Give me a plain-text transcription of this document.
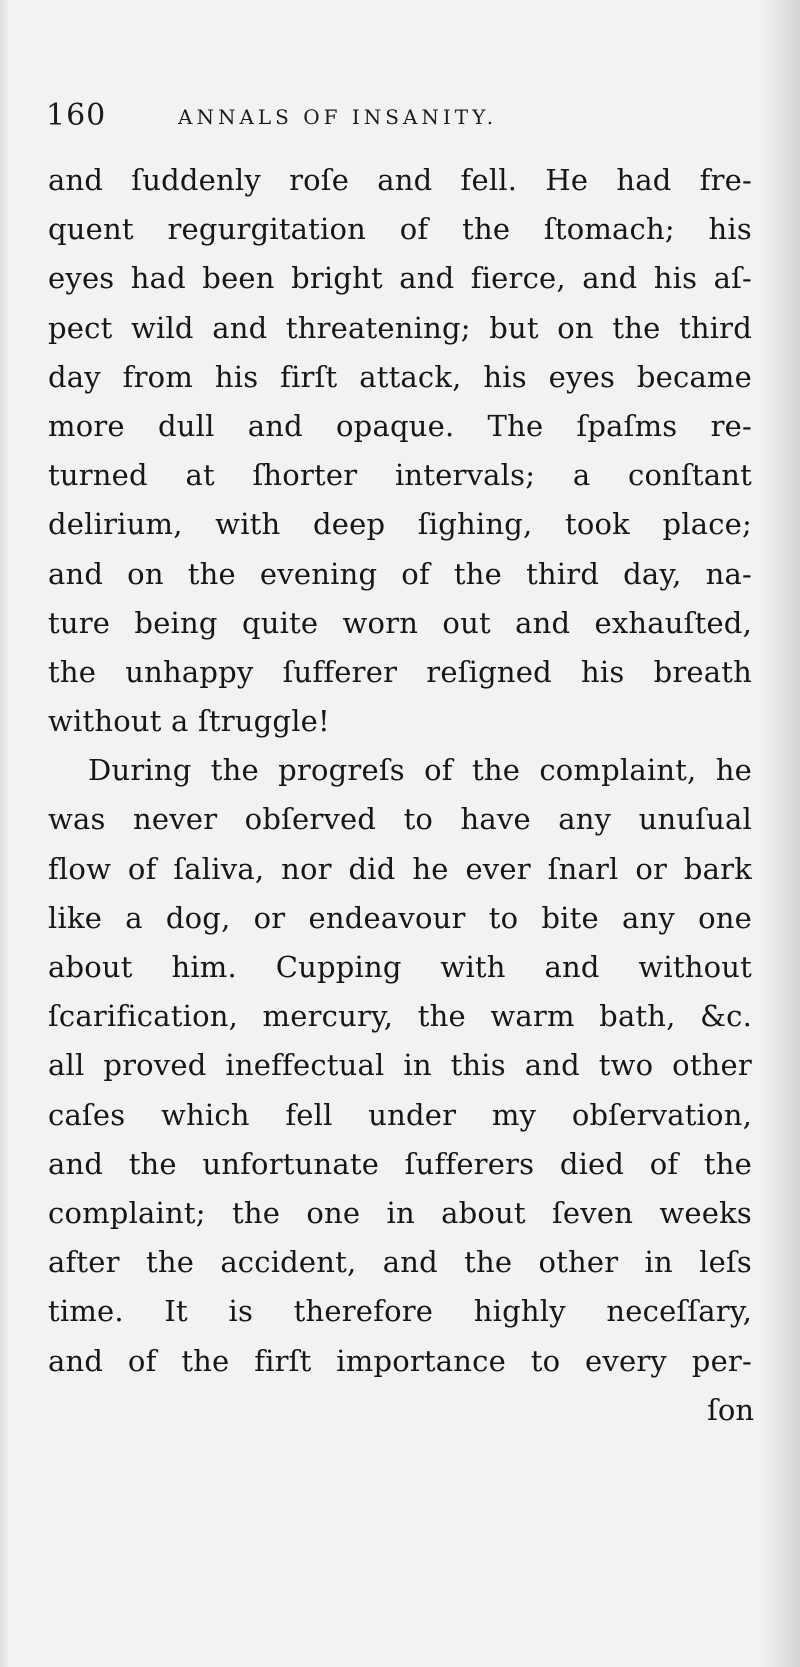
160	ANNALS OF INSANITY.
and ſuddenly roſe and fell. He had fre-
quent regurgitation of the ſtomach; his
eyes had been bright and fierce, and his aſ-
pect wild and threatening; but on the third
day from his firſt attack, his eyes became
more dull and opaque. The ſpaſms re-
turned at ſhorter intervals; a conſtant
delirium, with deep ſighing, took place;
and on the evening of the third day, na-
ture being quite worn out and exhauſted,
the unhappy ſufferer reſigned his breath
without a ſtruggle!
During the progreſs of the complaint, he
was never obſerved to have any unuſual
flow of ſaliva, nor did he ever ſnarl or bark
like a dog, or endeavour to bite any one
about him. Cupping with and without
ſcarification, mercury, the warm bath, &c.
all proved ineffectual in this and two other
caſes which fell under my obſervation,
and the unfortunate ſufferers died of the
complaint; the one in about ſeven weeks
after the accident, and the other in leſs
time. It is therefore highly neceſſary,
and of the firſt importance to every per-
ſon
